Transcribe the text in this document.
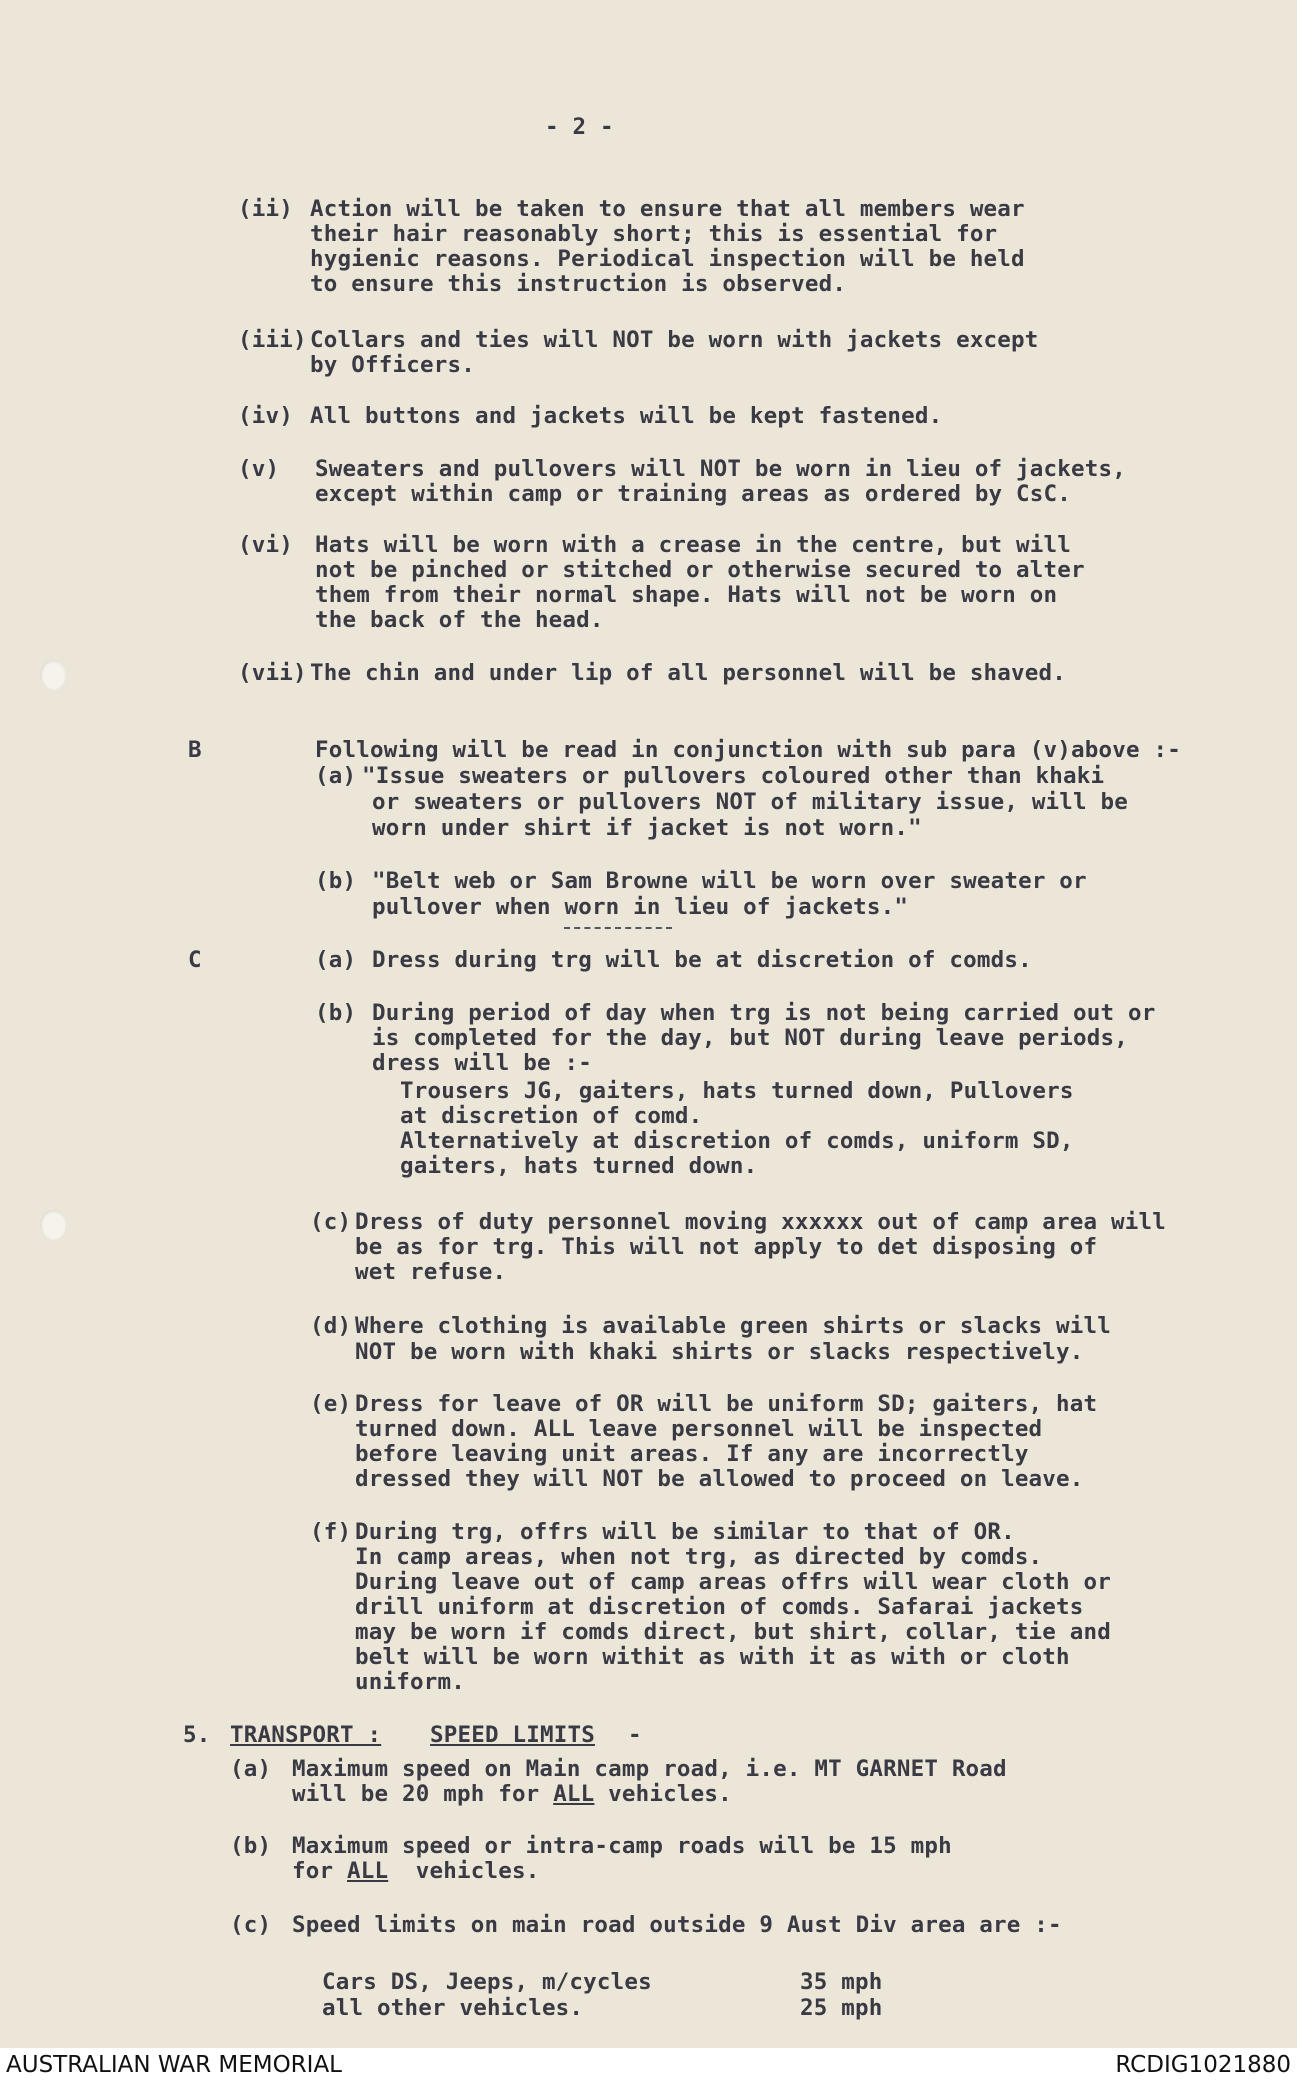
- 2 -
(ii) Action will be taken to ensure that all members wear
their hair reasonably short; this is essential for
hygienic reasons. Periodical inspection will be held
to ensure this instruction is observed.
(iii) Collars and ties will NOT be worn with jackets except
by Officers.
(iv) All buttons and jackets will be kept fastened.
(v) Sweaters and pullovers will NOT be worn in lieu of jackets,
except within camp or training areas as ordered by CsC.
(vi) Hats will be worn with a crease in the centre, but will
not be pinched or stitched or otherwise secured to alter
them from their normal shape. Hats will not be worn on
the back of the head.
(vii) The chin and under lip of all personnel will be shaved.
B	Following will be read in conjunction with sub para (v)above :-
(a) "Issue sweaters or pullovers coloured other than khaki
or sweaters or pullovers NOT of military issue, will be
worn under shirt if jacket is not worn."
(b) "Belt web or Sam Browne will be worn over sweater or
pullover when worn in lieu of jackets."
C	(a) Dress during trg will be at discretion of comds.
(b) During period of day when trg is not being carried out or
is completed for the day, but NOT during leave periods,
dress will be :-
Trousers JG, gaiters, hats turned down, Pullovers
at discretion of comd.
Alternatively at discretion of comds, uniform SD,
gaiters, hats turned down.
(c) Dress of duty personnel moving xxxxxx out of camp area will
be as for trg. This will not apply to det disposing of
wet refuse.
(d) Where clothing is available green shirts or slacks will
NOT be worn with khaki shirts or slacks respectively.
(e) Dress for leave of OR will be uniform SD; gaiters, hat
turned down. ALL leave personnel will be inspected
before leaving unit areas. If any are incorrectly
dressed they will NOT be allowed to proceed on leave.
(f) During trg, offrs will be similar to that of OR.
In camp areas, when not trg, as directed by comds.
During leave out of camp areas offrs will wear cloth or
drill uniform at discretion of comds. Safarai jackets
may be worn if comds direct, but shirt, collar, tie and
belt will be worn withit as with it as with or cloth
uniform.
5. TRANSPORT : SPEED LIMITS -
(a) Maximum speed on Main camp road, i.e. MT GARNET Road
will be 20 mph for ALL vehicles.
(b) Maximum speed or intra-camp roads will be 15 mph
for ALL  vehicles.
(c) Speed limits on main road outside 9 Aust Div area are :-
Cars DS, Jeeps, m/cycles	35 mph
all other vehicles.	25 mph
AUSTRALIAN WAR MEMORIAL	RCDIG1021880
